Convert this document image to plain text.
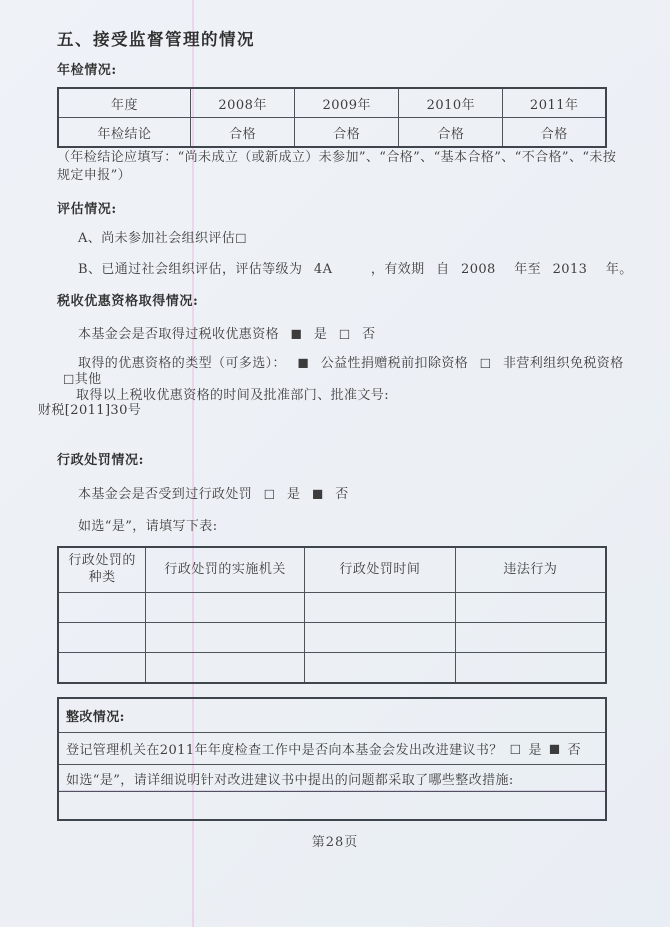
五、接受监督管理的情况
年检情况:
年度	2008年	2009年	2010年	2011年
年检结论	合格	合格	合格	合格
（年检结论应填写：“尚未成立（或新成立）未参加”、“合格”、“基本合格”、“不合格”、“未按规定申报”）
评估情况:
A、尚未参加社会组织评估□
B、已通过社会组织评估，评估等级为 4A	，有效期 自 2008 年至 2013 年。
税收优惠资格取得情况:
本基金会是否取得过税收优惠资格 ■ 是 □ 否
取得的优惠资格的类型（可多选）： ■ 公益性捐赠税前扣除资格 □ 非营利组织免税资格
□其他
取得以上税收优惠资格的时间及批准部门、批准文号:
财税[2011]30号
行政处罚情况:
本基金会是否受到过行政处罚 □ 是 ■ 否
如选“是”，请填写下表:
行政处罚的种类	行政处罚的实施机关	行政处罚时间	违法行为

整改情况:
登记管理机关在2011年年度检查工作中是否向本基金会发出改进建议书？ □ 是 ■ 否
如选“是”，请详细说明针对改进建议书中提出的问题都采取了哪些整改措施:
第28页
